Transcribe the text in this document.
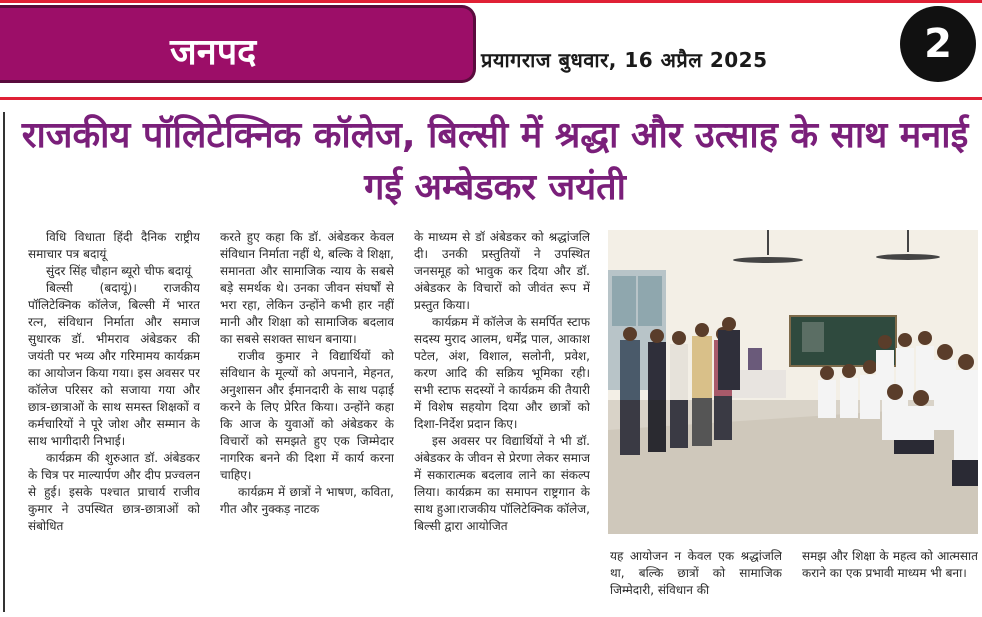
जनपद	प्रयागराज बुधवार, 16 अप्रैल 2025	2
राजकीय पॉलिटेक्निक कॉलेज, बिल्सी में श्रद्धा और उत्साह के साथ मनाई गई अम्बेडकर जयंती

विधि विधाता हिंदी दैनिक राष्ट्रीय समाचार पत्र बदायूं

सुंदर सिंह चौहान ब्यूरो चीफ बदायूं

बिल्सी (बदायूं)। राजकीय पॉलिटेक्निक कॉलेज, बिल्सी में भारत रत्न, संविधान निर्माता और समाज सुधारक डॉ. भीमराव अंबेडकर की जयंती पर भव्य और गरिमामय कार्यक्रम का आयोजन किया गया। इस अवसर पर कॉलेज परिसर को सजाया गया और छात्र-छात्राओं के साथ समस्त शिक्षकों व कर्मचारियों ने पूरे जोश और सम्मान के साथ भागीदारी निभाई।

कार्यक्रम की शुरुआत डॉ. अंबेडकर के चित्र पर माल्यार्पण और दीप प्रज्वलन से हुई। इसके पश्चात प्राचार्य राजीव कुमार ने उपस्थित छात्र-छात्राओं को संबोधित

करते हुए कहा कि डॉ. अंबेडकर केवल संविधान निर्माता नहीं थे, बल्कि वे शिक्षा, समानता और सामाजिक न्याय के सबसे बड़े समर्थक थे। उनका जीवन संघर्षों से भरा रहा, लेकिन उन्होंने कभी हार नहीं मानी और शिक्षा को सामाजिक बदलाव का सबसे सशक्त साधन बनाया।

राजीव कुमार ने विद्यार्थियों को संविधान के मूल्यों को अपनाने, मेहनत, अनुशासन और ईमानदारी के साथ पढ़ाई करने के लिए प्रेरित किया। उन्होंने कहा कि आज के युवाओं को अंबेडकर के विचारों को समझते हुए एक जिम्मेदार नागरिक बनने की दिशा में कार्य करना चाहिए।

कार्यक्रम में छात्रों ने भाषण, कविता, गीत और नुक्कड़ नाटक

के माध्यम से डॉ अंबेडकर को श्रद्धांजलि दी। उनकी प्रस्तुतियों ने उपस्थित जनसमूह को भावुक कर दिया और डॉ. अंबेडकर के विचारों को जीवंत रूप में प्रस्तुत किया।

कार्यक्रम में कॉलेज के समर्पित स्टाफ सदस्य मुराद आलम, धर्मेंद्र पाल, आकाश पटेल, अंश, विशाल, सलोनी, प्रवेश, करण आदि की सक्रिय भूमिका रही। सभी स्टाफ सदस्यों ने कार्यक्रम की तैयारी में विशेष सहयोग दिया और छात्रों को दिशा-निर्देश प्रदान किए।

इस अवसर पर विद्यार्थियों ने भी डॉ. अंबेडकर के जीवन से प्रेरणा लेकर समाज में सकारात्मक बदलाव लाने का संकल्प लिया। कार्यक्रम का समापन राष्ट्रगान के साथ हुआ।राजकीय पॉलिटेक्निक कॉलेज, बिल्सी द्वारा आयोजित

यह आयोजन न केवल एक श्रद्धांजलि था, बल्कि छात्रों को सामाजिक जिम्मेदारी, संविधान की

समझ और शिक्षा के महत्व को आत्मसात कराने का एक प्रभावी माध्यम भी बना।
